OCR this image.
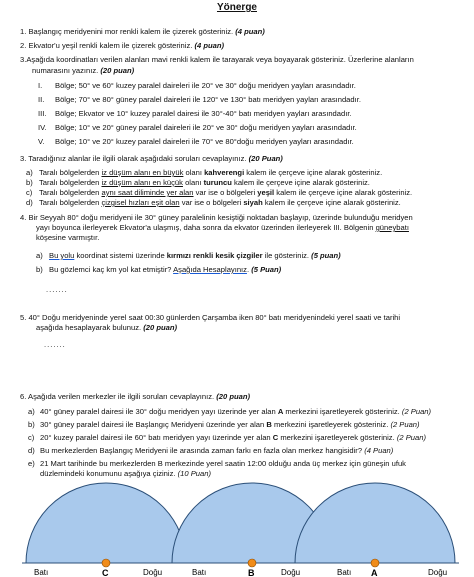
Yönerge
1. Başlangıç meridyenini mor renkli kalem ile çizerek gösteriniz. (4 puan)
2. Ekvator'u yeşil renkli kalem ile çizerek gösteriniz. (4 puan)
3.Aşağıda koordinatları verilen alanları mavi renkli kalem ile tarayarak veya boyayarak gösteriniz. Üzerlerine alanların
numarasını yazınız. (20 puan)
I. Bölge; 50° ve 60° kuzey paralel daireleri ile 20° ve 30° doğu meridyen yayları arasındadır.
II. Bölge; 70° ve 80° güney paralel daireleri ile 120° ve 130° batı meridyen yayları arasındadır.
III. Bölge; Ekvator ve 10° kuzey paralel dairesi ile 30°-40° batı meridyen yayları arasındadır.
IV. Bölge; 10° ve 20° güney paralel daireleri ile 20° ve 30° doğu meridyen yayları arasındadır.
V. Bölge; 10° ve 20° kuzey paralel daireleri ile 70° ve 80°doğu meridyen yayları arasındadır.
3. Taradığınız alanlar ile ilgili olarak aşağıdaki soruları cevaplayınız. (20 Puan)
a) Taralı bölgelerden iz düşüm alanı en büyük olanı kahverengi kalem ile çerçeve içine alarak gösteriniz.
b) Taralı bölgelerden iz düşüm alanı en küçük olanı turuncu kalem ile çerçeve içine alarak gösteriniz.
c) Taralı bölgelerden aynı saat diliminde yer alan var ise o bölgeleri yeşil kalem ile çerçeve içine alarak gösteriniz.
d) Taralı bölgelerden çizgisel hızları eşit olan var ise o bölgeleri siyah kalem ile çerçeve içine alarak gösteriniz.
4. Bir Seyyah 80° doğu meridyeni ile 30° güney paralelinin kesiştiği noktadan başlayıp, üzerinde bulunduğu meridyen
yayı boyunca ilerleyerek Ekvator'a ulaşmış, daha sonra da ekvator üzerinden ilerleyerek III. Bölgenin güneybatı
köşesine varmıştır.
a) Bu yolu koordinat sistemi üzerinde kırmızı renkli kesik çizgiler ile gösteriniz. (5 puan)
b) Bu gözlemci kaç km yol kat etmiştir? Aşağıda Hesaplayınız. (5 Puan)
.......
5. 40° Doğu meridyeninde yerel saat 00:30 günlerden Çarşamba iken 80° batı meridyenindeki yerel saati ve tarihi
aşağıda hesaplayarak bulunuz. (20 puan)
.......
6. Aşağıda verilen merkezler ile ilgili soruları cevaplayınız. (20 puan)
a) 40° güney paralel dairesi ile 30° doğu meridyen yayı üzerinde yer alan A merkezini işaretleyerek gösteriniz. (2 Puan)
b) 30° güney paralel dairesi ile Başlangıç Meridyeni üzerinde yer alan B merkezini işaretleyerek gösteriniz. (2 Puan)
c) 20° kuzey paralel dairesi ile 60° batı meridyen yayı üzerinde yer alan C merkezini işaretleyerek gösteriniz. (2 Puan)
d) Bu merkezlerden Başlangıç Meridyeni ile arasında zaman farkı en fazla olan merkez hangisidir? (4 Puan)
e) 21 Mart tarihinde bu merkezlerden B merkezinde yerel saatin 12:00 olduğu anda üç merkez için güneşin ufuk
düzlemindeki konumunu aşağıya çiziniz. (10 Puan)
Batı	C	Doğu	Batı	B	Doğu	Batı A	Doğu
